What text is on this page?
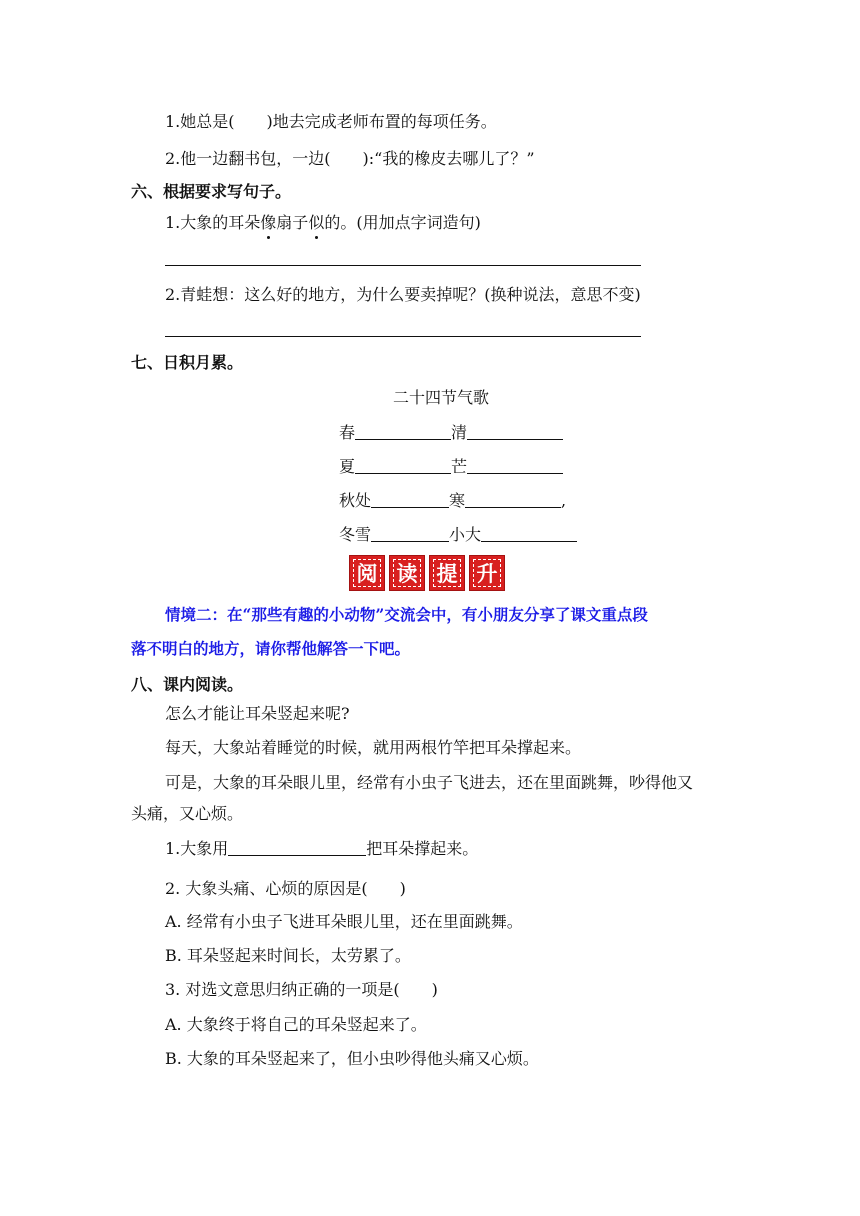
1.她总是(　　)地去完成老师布置的每项任务。
2.他一边翻书包，一边(　　):“我的橡皮去哪儿了？”
六、根据要求写句子。
1.大象的耳朵像扇子似的。(用加点字词造句)
2.青蛙想：这么好的地方，为什么要卖掉呢？(换种说法，意思不变)
七、日积月累。
二十四节气歌
春	清
夏	芒
秋处	寒	,
冬雪	小大
阅 读 提 升
情境二：在“那些有趣的小动物”交流会中，有小朋友分享了课文重点段
落不明白的地方，请你帮他解答一下吧。
八、课内阅读。
怎么才能让耳朵竖起来呢?
每天，大象站着睡觉的时候，就用两根竹竿把耳朵撑起来。
可是，大象的耳朵眼儿里，经常有小虫子飞进去，还在里面跳舞，吵得他又
头痛，又心烦。
1.大象用	把耳朵撑起来。
2. 大象头痛、心烦的原因是(　　)
A. 经常有小虫子飞进耳朵眼儿里，还在里面跳舞。
B. 耳朵竖起来时间长，太劳累了。
3. 对选文意思归纳正确的一项是(　　)
A. 大象终于将自己的耳朵竖起来了。
B. 大象的耳朵竖起来了，但小虫吵得他头痛又心烦。
